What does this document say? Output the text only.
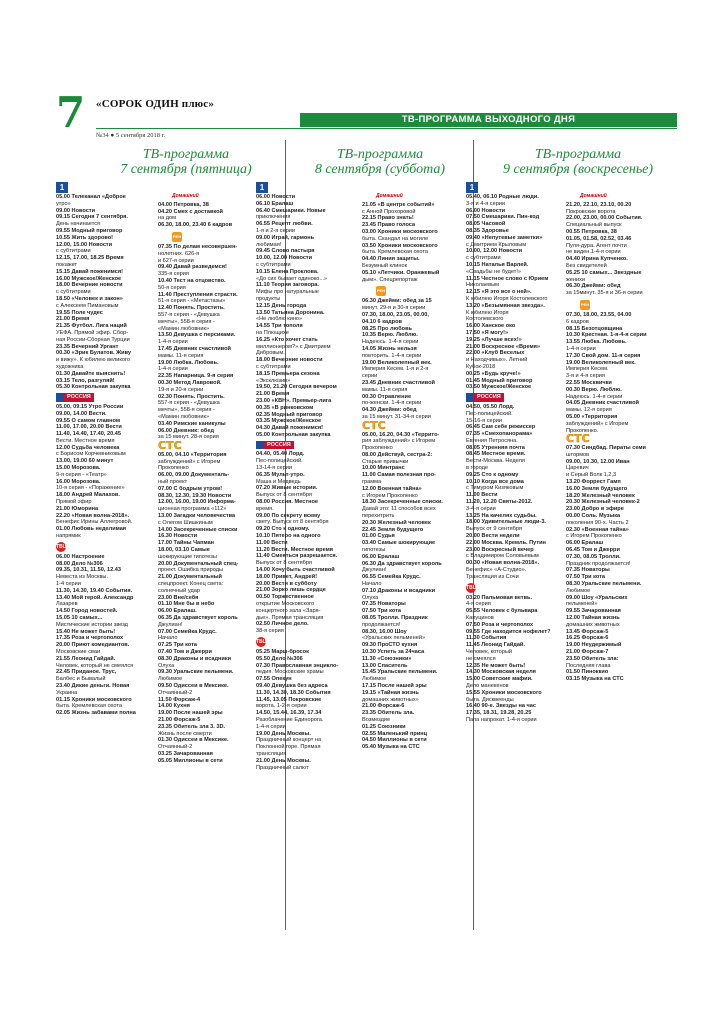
7 «СОРОК ОДИН плюс»
№34 ● 5 сентября 2018 г.
ТВ-ПРОГРАММА ВЫХОДНОГО ДНЯ
ТВ-программа
7 сентября (пятница)
ТВ-программа
8 сентября (суббота)
ТВ-программа
9 сентября (воскресенье)
1
05.00 Телеканал «Доброе
утро»
09.00 Новости
09.15 Сегодня 7 сентября.
День начинается
09.55 Модный приговор
10.55 Жить здорово!
12.00, 15.00 Новости
с субтитрами
12.15, 17.00, 18.25 Время
покажет
15.15 Давай поженимся!
16.00 Мужское/Женское
18.00 Вечерние новости
с субтитрами
18.50 «Человек и закон»
с Алексеем Пимановым
19.55 Поле чудес
21.00 Время
21.35 Футбол. Лига наций
УЕФА. Прямой эфир. Сбор-
ная России-Сборная Турции
23.35 Вечерний Ургант
00.30 «Эрик Булатов. Живу
и вижу». К юбилею великого
художника
01.30 Давайте выяснять!
03.15 Тело, разгуляй!
05.30 Контрольная закупка
РОССИЯ
05.00, 09.15 Утро России
09.00, 14.00 Вести.
09.55 О самом главном
11.00, 17.00, 20.00 Вести
11.40, 14.40, 17.40, 20.45
Вести. Местное время
12.00 Судьба человека
с Борисом Корчевниковым
13.00, 19.00 60 минут
15.00 Морозова.
9-я серия - «Театр»
16.00 Морозова.
10-я серия - «Поражение»
18.00 Андрей Малахов.
Прямой эфир
21.00 Юморина
22.20 «Новая волна-2018».
Бенефис Ирины Аллегровой.
01.00 Любовь неделимая
напрямик
ТВЦ
06.00 Настроение
08.00 Дело №306
09.35, 10.31, 11.50, 12.43
Невеста из Москвы.
1-4 серии
11.30, 14.30, 19.40 События.
13.40 Мой герой. Александр
Лазарев
14.50 Город новостей.
15.05 10 самых...
Мистические истории звезд
15.40 Не может быть!
17.35 Роза и чертополох
20.00 Приют комедиантов.
Московские сваи
21.55 Леонид Гайдай.
Человек, который не смеялся
22.45 Приданое. Трус,
Балбес и Бывалый
23.40 Дикие деньги. Новая
Украина
01.15 Хроники московского
быта. Кремлевская охота
02.05 Жизнь забавами полна
Домашний
04.00 Петровка, 38
04.20 Смех с доставкой
на дом
06.30, 18.00, 23.40 6 кадров
РЕН
07.35 По делам несовершен-
нолетних. 626-я
и 627-я серии
09.40 Давай разведемся!
335-я серия
10.40 Тест на отцовство.
50-я серия
11.40 Преступления страсти.
51-я серия - «Метастазы»
12.40 Понять. Простить.
557-я серия - «Девушка
мечты», 558-я серия -
«Мамин любовник»
13.50 Девушка с персиками.
1-4-я серии
17.45 Дневник счастливой
мамы. 11-я серия
19.00 Любка. Любовь.
1-4-я серии
22.35 Напарница. 9-я серия
00.30 Метод Лавровой.
19-я и 20-я серии
02.30 Понять. Простить.
557-я серия - «Девушка
мечты», 558-я серия -
«Мамин любовник»
03.40 Римские каникулы
06.00 Дневник: обед
за 15 минут. 28-я серия
СТС
05.00, 04.10 «Территория
заблуждений» с Игорем
Прокопенко
06.00, 09.00 Документаль-
ный проект
07.00 С бодрым утром!
08.30, 12.30, 19.30 Новости
12.00, 16.00, 19.00 Информа-
ционная программа «112»
13.00 Загадки человечества
с Олегом Шишкиным
14.00 Засекреченные списки
16.30 Новости
17.00 Тайны Чапман
18.00, 03.10 Самые
шокирующие гипотезы
20.00 Документальный спец-
проект. Ошибка природы
21.00 Документальный
спецпроект. Конец света:
солнечный удар
23.00 Вне/себя
01.10 Мне бы в небо
06.00 Ералаш.
06.35 Да здравствует король
Джулиан!
07.00 Семейка Крудс.
Начало
07.25 Три кота
07.40 Том и Джерри
08.30 Драконы и всадники
Олуха
09.30 Уральские пельмени.
Любимое
09.50 Одиссеи в Мексике.
Отчаянный-2
11.50 Форсаж-4
14.00 Кухня
19.00 После нашей эры
21.00 Форсаж-5
23.35 Обитель зла 3. 3D.
Жизнь после смерти
01.30 Одиссеи в Мексике.
Отчаянный-2
03.25 Зачарованная
05.05 Миллионы в сети
1
06.00 Новости
06.10 Ералаш
06.40 Смешарики. Новые
приключения
06.55 Рецепт любви.
1-я и 2-я серии
09.00 Играй, гармонь
любимая!
09.45 Слово пастыря
10.00, 12.00 Новости
с субтитрами
10.15 Елена Проклова.
«До сих бывает одиноко...»
11.10 Теория заговора.
Мифы про натуральные
продукты
12.15 День города
13.50 Татьяна Доронина.
«Не люблю кино»
14.55 Три тополя
на Плющихе
16.25 «Кто хочет стать
миллионером?» с Дмитрием
Дибровым.
18.00 Вечерние новости
с субтитрами
18.15 Премьера сезона
«Эксклюзив»
19.50, 21.20 Сегодня вечером
21.00 Время
23.00 «КВН». Премьер-лига
00.35 «В ринковском
02.35 Модный приговор
03.35 Мужское/Женское
04.30 Давай поженимся!
05.00 Контрольная закупка
РОССИЯ
04.40, 05.40 Лорд.
Пес-полицейский.
13-14-я серии
06.35 Мульт-утро.
Маша и Медведь
07.20 Живые истории.
Выпуск от 8 сентября
08.00 Россия. Местное
время.
09.00 По секрету всему
свету. Выпуск от 8 сентября
09.20 Сто к одному.
10.10 Пятеро на одного
11.00 Вести
11.20 Вести. Местное время
11.40 Смеяться разрешается.
Выпуск от 8 сентября
14.00 Хочу быть счастливой
18.00 Привет, Андрей!
20.00 Вести в субботу
21.00 Зорко лишь сердце
00.50 Торжественное
открытие Московского
концертного зала «Заря-
дье». Прямая трансляция
02.50 Личное дело.
38-я серия
ТВЦ
05.25 Марш-бросок
05.50 Дело №306
07.30 Православная энцикло-
педия. Московские храмы
07.55 Опекун
09.40 Девушка без адреса
11.30, 14.30, 18.30 События
11.45, 13.05 Покровские
ворота. 1-2-я серии
14.50, 15.44, 16.39, 17.34
Разоблачение Единорога.
1-4-я серии
19.00 День Москвы.
Праздничный концерт на
Поклонной горе. Прямая
трансляция
21.00 День Москвы.
Праздничный салют
Домашний
21.05 «В центре событий»
с Анной Прохоровой
22.15 Право знать!
23.45 Право голоса
03.00 Хроники московского
быта. Скандал на могиле
03.50 Хроники московского
быта. Кремлевская охота
04.40 Линия защиты.
Безумный клинок
05.10 «Летчики. Оранжевый
дым». Спецрепортаж
РЕН
06.30 Джейми: обед за 15
минут. 29-я и 30-я серии
07.30, 18.00, 23.05, 00.00,
04.10 6 кадров
08.25 Про любовь
10.35 Верю. Люблю.
Надеюсь. 1-4-я серии
14.05 Жизнь нельзя
повторить. 1-4-я серии
19.00 Великолепный век.
Империя Кесем. 1-я и 2-я
серии
23.45 Дневник счастливой
мамы. 11-я серия
00.30 Отравление
по-женски. 1-4-я серии
04.30 Джейми: обед
за 15 минут. 31-34-я серии
СТС
05.00, 16.20, 04.30 «Террито-
рия заблуждений» с Игорем
Прокопенко
08.00 Действуй, сестра-2:
Старые привычки
10.00 Минтранс
11.00 Самая полезная про-
грамма
12.00 Военная тайна»
с Игорем Прокопенко
18.30 Засекреченные списки.
Давай это: 11 способов всех
перехитрить
20.30 Железный человек
22.45 Земля будущего
01.00 Судья
03.40 Самые шокирующие
гипотезы
06.00 Ералаш
06.30 Да здравствует король
Джулиан!
06.55 Семейка Крудс.
Начало
07.10 Драконы и всадники
Олуха
07.35 Новаторы
07.50 Три кота
08.05 Тролли. Праздник
продолжается!
08.30, 16.00 Шоу
«Уральских пельменей»
09.30 ПроСТО кухня
10.30 Успеть за 24часа
11.30 «Союзники»
13.00 Спаситель
15.45 Уральские пельмени.
Любимое
17.15 После нашей эры
19.15 «Тайная жизнь
домашних животных»
21.00 Форсаж-6
23.35 Обитель зла.
Возмездие
01.25 Союзники
02.55 Маленький принц
04.50 Миллионы в сети
05.40 Музыка на СТС
1
05.40, 06.10 Родные люди.
3-я и 4-я серии
06.00 Новости
07.50 Смешарики. Пин-код
08.05 Часовой
08.35 Здоровье
09.40 «Непутевые заметки»
с Дмитрием Крыловым
10.00, 12.00 Новости
с субтитрами
10.15 Наталья Варлей.
«Свадьбы не будет!»
11.15 Честное слово с Юрием
Николаевым
12.15 «Я это все о ней».
К юбилею Игоря Костолевского
13.20 «Безымянная звезда».
К юбилею Игоря
Костолевского
16.00 Ханское око
17.50 «Я могу!»
19.25 «Лучше всех!»
21.00 Воскресное «Время»
22.00 «Клуб Веселых
и Находчивых». Летний
Кубок-2018
00.25 «Будь круче!»
01.45 Модный приговор
03.50 Мужское/Женское
РОССИЯ
04.50, 05.50 Лорд.
Пес-полицейский.
15-16-я серии
06.45 Сам себе режиссер
07.35 «Смехопанорама»
Евгения Петросяна.
08.05 Утренняя почта
08.45 Местное время.
Вести-Москва. Неделя
в городе
09.25 Сто к одному
10.10 Когда все дома
с Тимуром Кизяковым
11.00 Вести
11.20, 12.20 Святы-2012.
3-4-я серии
13.25 На качелях судьбы.
18.00 Удивительные люди-3.
Выпуск от 9 сентября
20.00 Вести недели
22.00 Москва. Кремль. Путин
23.00 Воскресный вечер
с Владимиром Соловьевым
00.30 «Новая волна-2018».
Бенефис» «А-Студио».
Трансляция из Сочи
ТВЦ
03.20 Пальмовая ветвь.
4-я серия
05.55 Человек с бульвара
Капуцинов
07.50 Роза и чертополох
09.55 Где находится нофелет?
11.30 События
11.45 Леонид Гайдай.
Человек, который
не смеялся
12.35 Не может быть!
14.30 Московская неделя
15.00 Советские мафии.
Дело манекенов
15.55 Хроники московского
быта. Дисквеенды
16.40 90-е. Звезды на час
17.35, 18.31, 19.28, 20.25
Папа напрокат. 1-4-я серии
Домашний
21.20, 22.10, 23.10, 00.20
Покровские ворота
22.00, 23.00, 00.00 События.
Специальный выпуск
00.55 Петровка, 38
01.05, 01.58, 02.52, 03.46
Пуля-дура. Агент почти
не виден.1-4-я серии
04.40 Ирина Купченко.
Без свидетелей
05.25 10 самых... Звездные
женихи
06.30 Джейми: обед
за 15минут. 35-я и 36-я серии
РЕН
07.30, 18.00, 23.55, 04.00
6 кадров
08.15 Безотцовщина
10.30 Крестная. 1-я-4-я серии
13.55 Любка. Любовь.
1-4-я серии
17.30 Свой дом. 11-я серия
19.00 Великолепный век.
Империя Кесем.
3-я и 4-я серия
22.55 Москвички
00.30 Верю. Люблю.
Надеюсь. 1-4-я серии
04.05 Дневник счастливой
мамы. 12-я серия
05.00 «Территория
заблуждений» с Игорем
Прокопенко.
СТС
07.30 Синдбад. Пираты семи
штормов
09.00, 10.30, 12.00 Иван
Царевич
и Серый Волк 1,2,3
13.20 Форрест Гамп
16.00 Земля будущего
18.20 Железный человек
20.30 Железный человек-2
23.00 Добро в эфире
00.00 Соль. Музыка
поколения 90-х. Часть 2
02.30 «Военная тайна»
с Игорем Прокопенко
06.00 Ералаш
06.45 Том и Джерри
07.30, 08.05 Тролли.
Праздник продолжается!
07.35 Новаторы
07.50 Три кота
08.30 Уральские пельмени.
Любимое
09.00 Шоу «Уральских
пельменей»
09.55 Зачарованная
12.00 Тайная жизнь
домашних животных
13.45 Форсаж-5
16.25 Форсаж-6
19.00 Неудержимый
21.00 Форсаж-7
23.50 Обитель зла:
Последняя глава
01.50 Пиноккио
03.15 Музыка на СТС
